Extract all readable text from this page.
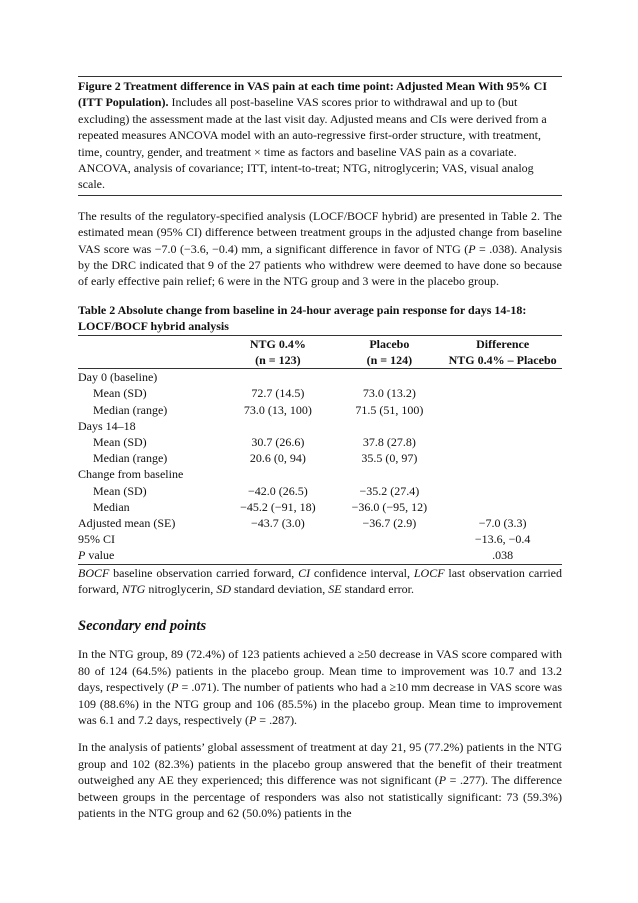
Figure 2 Treatment difference in VAS pain at each time point: Adjusted Mean With 95% CI (ITT Population). Includes all post-baseline VAS scores prior to withdrawal and up to (but excluding) the assessment made at the last visit day. Adjusted means and CIs were derived from a repeated measures ANCOVA model with an auto-regressive first-order structure, with treatment, time, country, gender, and treatment × time as factors and baseline VAS pain as a covariate. ANCOVA, analysis of covariance; ITT, intent-to-treat; NTG, nitroglycerin; VAS, visual analog scale.

The results of the regulatory-specified analysis (LOCF/BOCF hybrid) are presented in Table 2. The estimated mean (95% CI) difference between treatment groups in the adjusted change from baseline VAS score was −7.0 (−3.6, −0.4) mm, a significant difference in favor of NTG (P = .038). Analysis by the DRC indicated that 9 of the 27 patients who withdrew were deemed to have done so because of early effective pain relief; 6 were in the NTG group and 3 were in the placebo group.

Table 2 Absolute change from baseline in 24-hour average pain response for days 14-18: LOCF/BOCF hybrid analysis

	NTG 0.4%	Placebo	Difference
	(n = 123)	(n = 124)	NTG 0.4% – Placebo
Day 0 (baseline)			
Mean (SD)	72.7 (14.5)	73.0 (13.2)	
Median (range)	73.0 (13, 100)	71.5 (51, 100)	
Days 14–18			
Mean (SD)	30.7 (26.6)	37.8 (27.8)	
Median (range)	20.6 (0, 94)	35.5 (0, 97)	
Change from baseline			
Mean (SD)	−42.0 (26.5)	−35.2 (27.4)	
Median	−45.2 (−91, 18)	−36.0 (−95, 12)	
Adjusted mean (SE)	−43.7 (3.0)	−36.7 (2.9)	−7.0 (3.3)
95% CI			−13.6, −0.4
P value			.038

BOCF baseline observation carried forward, CI confidence interval, LOCF last observation carried forward, NTG nitroglycerin, SD standard deviation, SE standard error.

Secondary end points

In the NTG group, 89 (72.4%) of 123 patients achieved a ≥50 decrease in VAS score compared with 80 of 124 (64.5%) patients in the placebo group. Mean time to improvement was 10.7 and 13.2 days, respectively (P = .071). The number of patients who had a ≥10 mm decrease in VAS score was 109 (88.6%) in the NTG group and 106 (85.5%) in the placebo group. Mean time to improvement was 6.1 and 7.2 days, respectively (P = .287).

In the analysis of patients’ global assessment of treatment at day 21, 95 (77.2%) patients in the NTG group and 102 (82.3%) patients in the placebo group answered that the benefit of their treatment outweighed any AE they experienced; this difference was not significant (P = .277). The difference between groups in the percentage of responders was also not statistically significant: 73 (59.3%) patients in the NTG group and 62 (50.0%) patients in the
